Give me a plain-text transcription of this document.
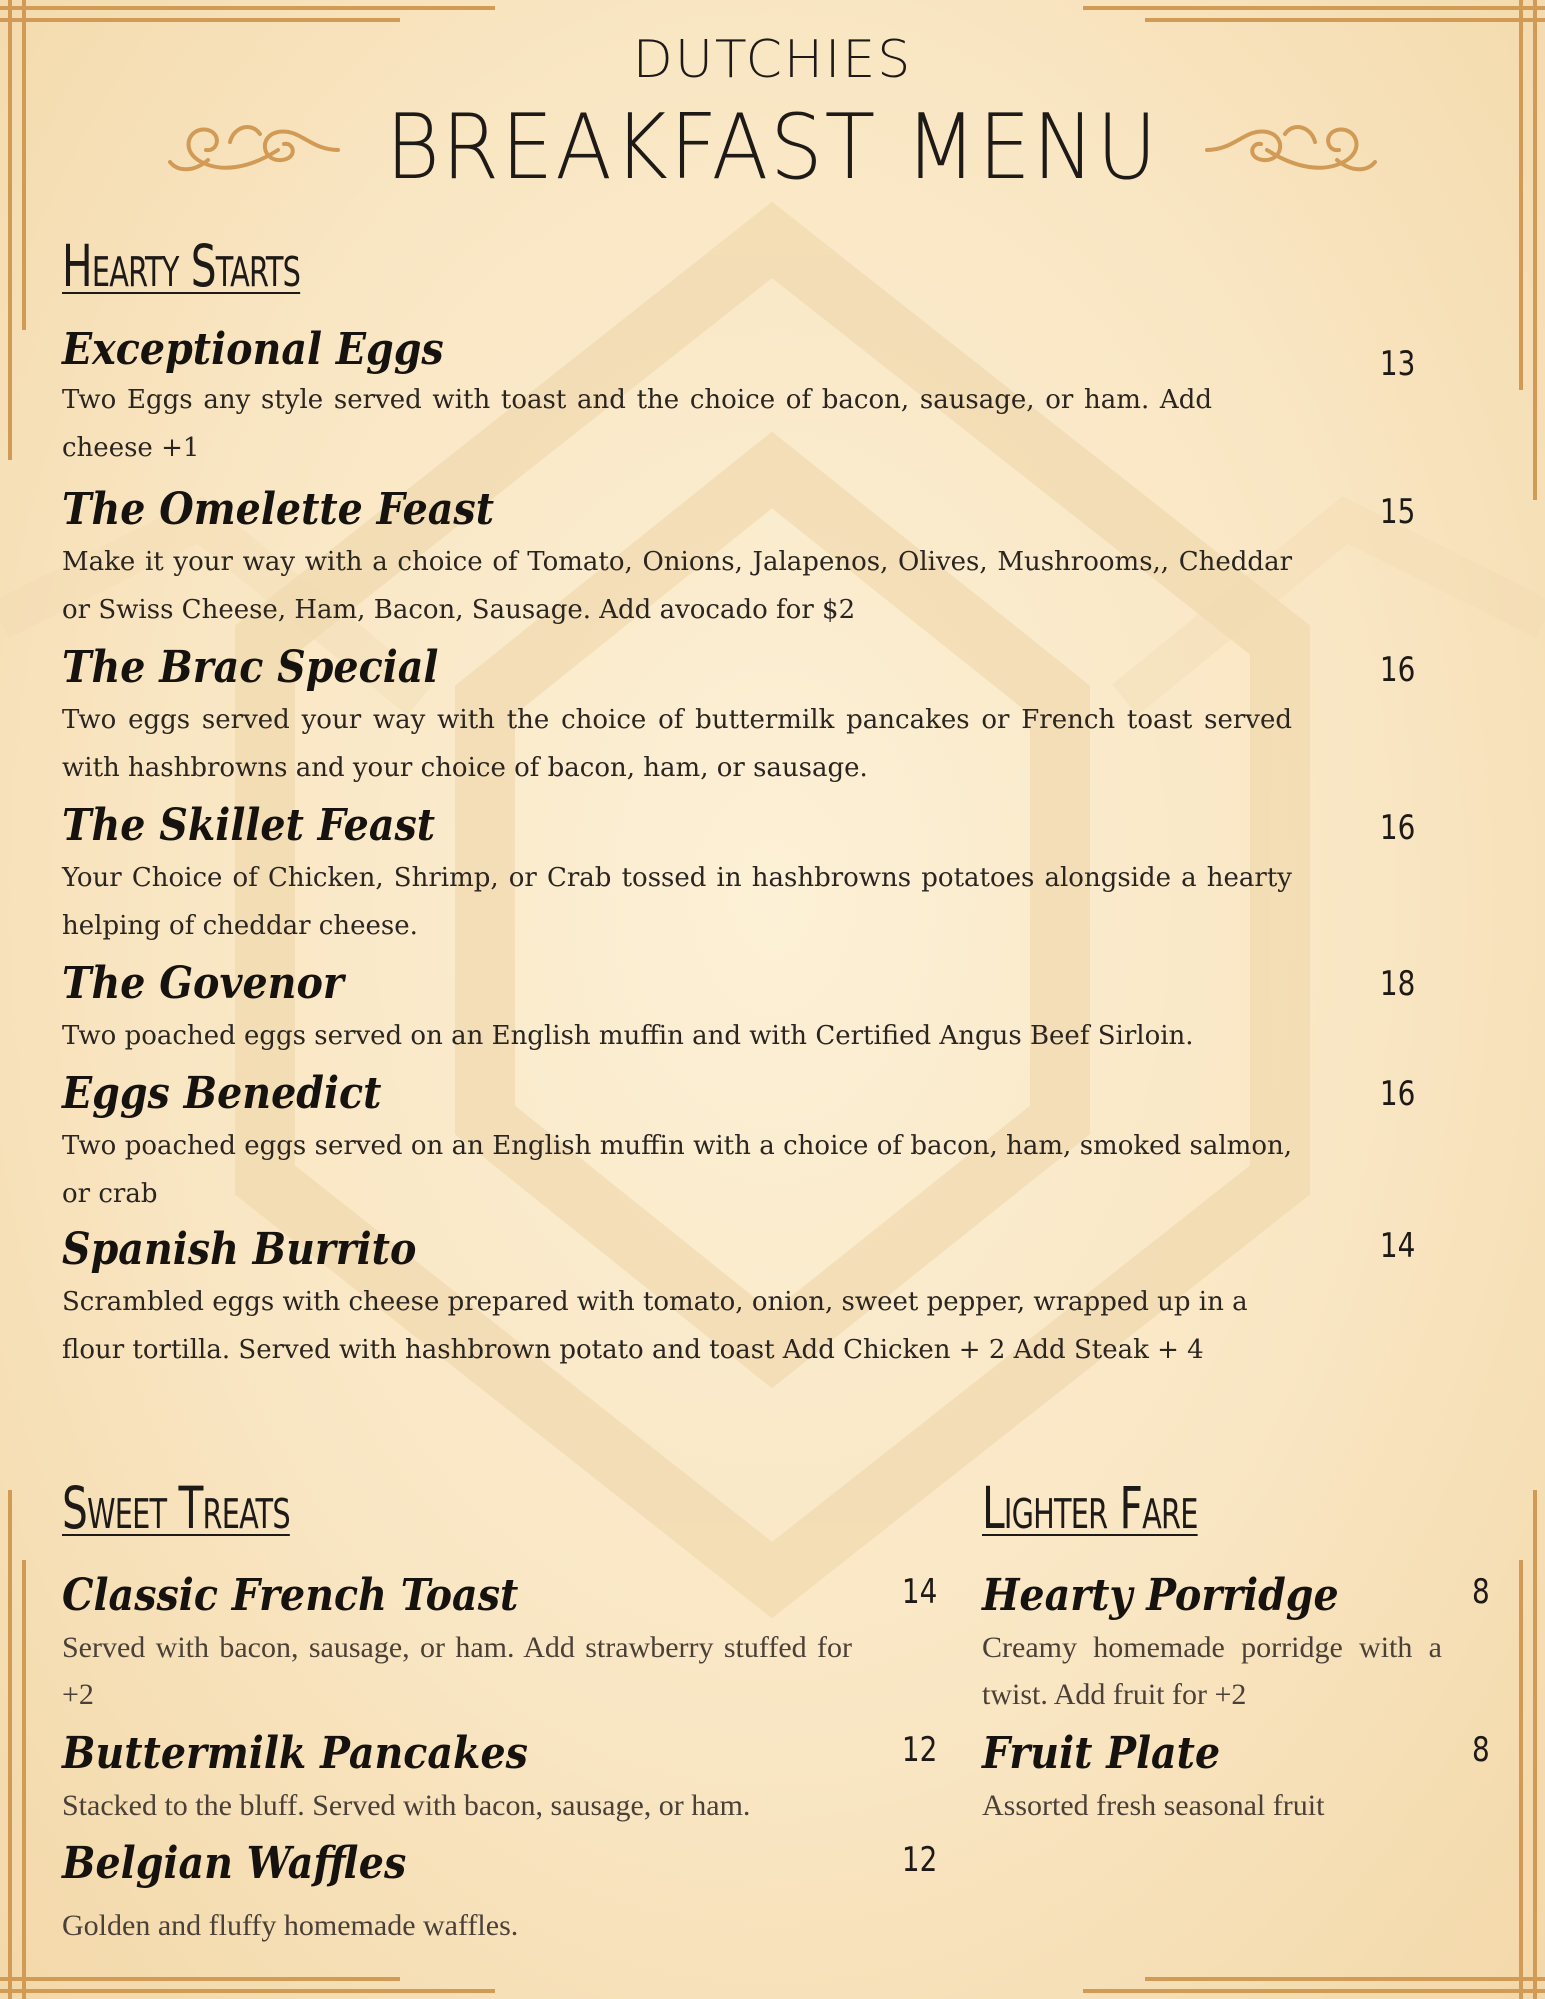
DUTCHIES
BREAKFAST MENU
Hearty Starts
Exceptional Eggs
Two Eggs any style served with toast and the choice of bacon, sausage, or ham. Add cheese +1
13
The Omelette Feast
Make it your way with a choice of Tomato, Onions, Jalapenos, Olives, Mushrooms,, Cheddar or Swiss Cheese, Ham, Bacon, Sausage. Add avocado for $2
15
The Brac Special
Two eggs served your way with the choice of buttermilk pancakes or French toast served with hashbrowns and your choice of bacon, ham, or sausage.
16
The Skillet Feast
Your Choice of Chicken, Shrimp, or Crab tossed in hashbrowns potatoes alongside a hearty helping of cheddar cheese.
16
The Govenor
Two poached eggs served on an English muffin and with Certified Angus Beef Sirloin.
18
Eggs Benedict
Two poached eggs served on an English muffin with a choice of bacon, ham, smoked salmon, or crab
16
Spanish Burrito
Scrambled eggs with cheese prepared with tomato, onion, sweet pepper, wrapped up in a flour tortilla. Served with hashbrown potato and toast Add Chicken + 2 Add Steak + 4
14
Sweet Treats
Classic French Toast
Served with bacon, sausage, or ham. Add strawberry stuffed for +2
14
Buttermilk Pancakes
Stacked to the bluff. Served with bacon, sausage, or ham.
12
Belgian Waffles
Golden and fluffy homemade waffles.
12
Lighter Fare
Hearty Porridge
Creamy homemade porridge with a twist. Add fruit for +2
8
Fruit Plate
Assorted fresh seasonal fruit
8
